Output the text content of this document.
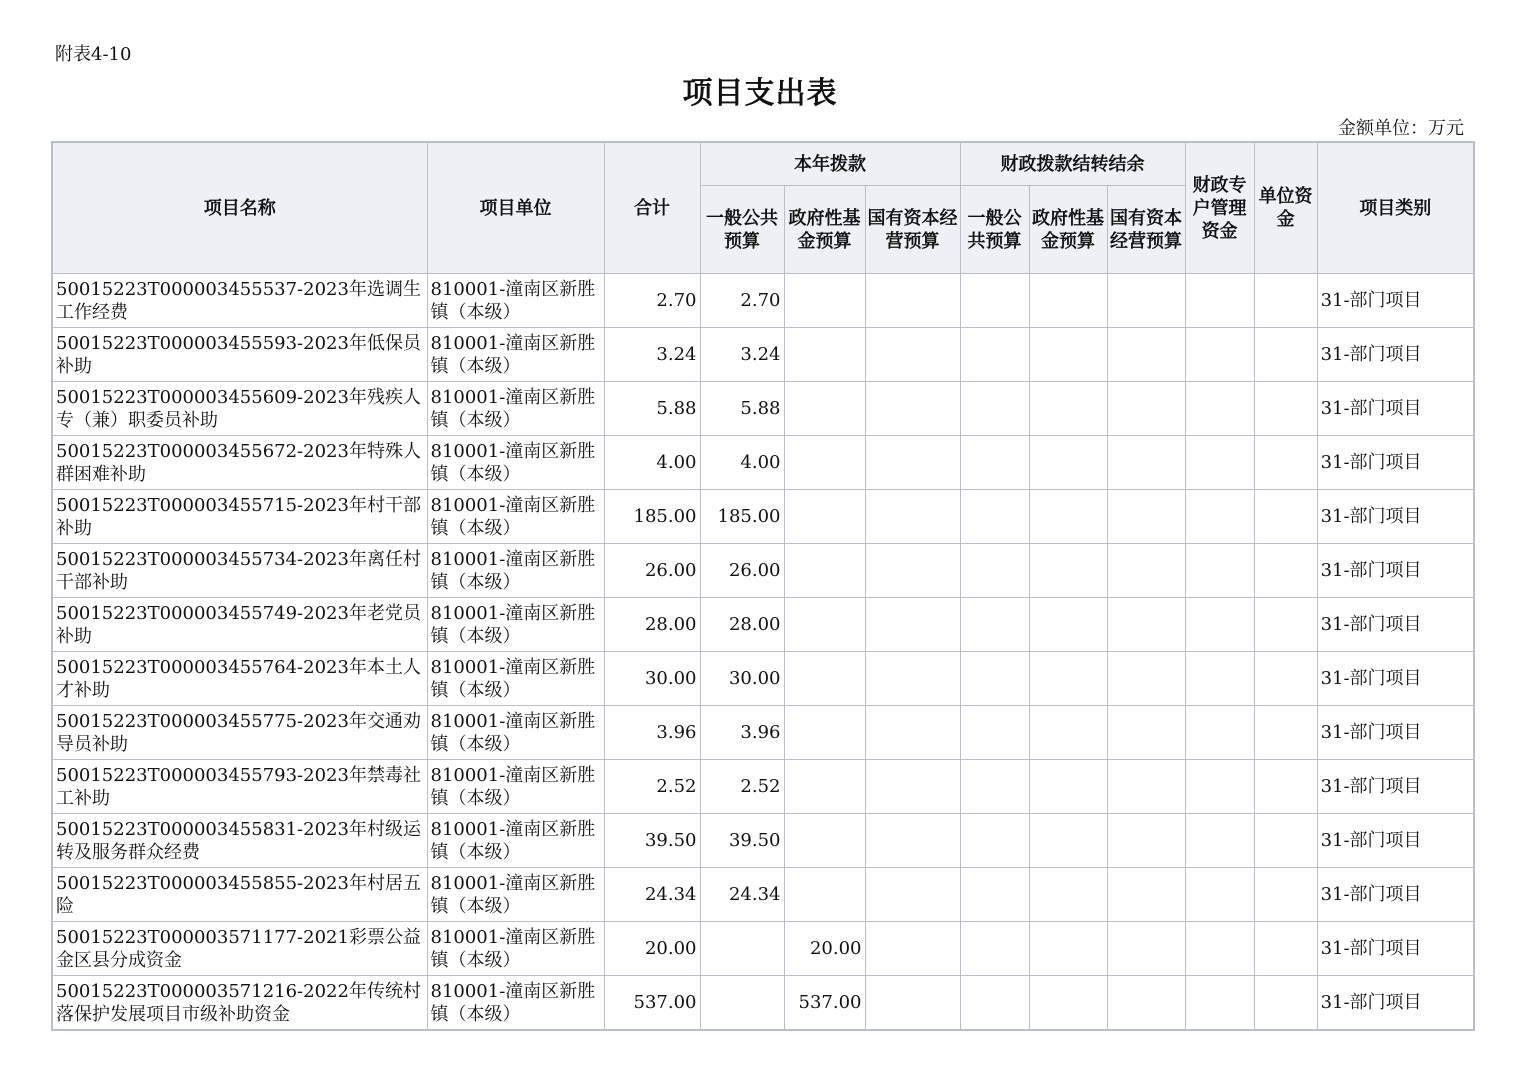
附表4-10
项目支出表
金额单位：万元
项目名称	项目单位	合计	本年拨款			财政拨款结转结余			财政专户管理资金	单位资金	项目类别
			一般公共预算	政府性基金预算	国有资本经营预算	一般公共预算	政府性基金预算	国有资本经营预算			
50015223T000003455537-2023年选调生工作经费	810001-潼南区新胜镇（本级）	2.70	2.70								31-部门项目
50015223T000003455593-2023年低保员补助	810001-潼南区新胜镇（本级）	3.24	3.24								31-部门项目
50015223T000003455609-2023年残疾人专（兼）职委员补助	810001-潼南区新胜镇（本级）	5.88	5.88								31-部门项目
50015223T000003455672-2023年特殊人群困难补助	810001-潼南区新胜镇（本级）	4.00	4.00								31-部门项目
50015223T000003455715-2023年村干部补助	810001-潼南区新胜镇（本级）	185.00	185.00								31-部门项目
50015223T000003455734-2023年离任村干部补助	810001-潼南区新胜镇（本级）	26.00	26.00								31-部门项目
50015223T000003455749-2023年老党员补助	810001-潼南区新胜镇（本级）	28.00	28.00								31-部门项目
50015223T000003455764-2023年本土人才补助	810001-潼南区新胜镇（本级）	30.00	30.00								31-部门项目
50015223T000003455775-2023年交通劝导员补助	810001-潼南区新胜镇（本级）	3.96	3.96								31-部门项目
50015223T000003455793-2023年禁毒社工补助	810001-潼南区新胜镇（本级）	2.52	2.52								31-部门项目
50015223T000003455831-2023年村级运转及服务群众经费	810001-潼南区新胜镇（本级）	39.50	39.50								31-部门项目
50015223T000003455855-2023年村居五险	810001-潼南区新胜镇（本级）	24.34	24.34								31-部门项目
50015223T000003571177-2021彩票公益金区县分成资金	810001-潼南区新胜镇（本级）	20.00		20.00							31-部门项目
50015223T000003571216-2022年传统村落保护发展项目市级补助资金	810001-潼南区新胜镇（本级）	537.00		537.00							31-部门项目
